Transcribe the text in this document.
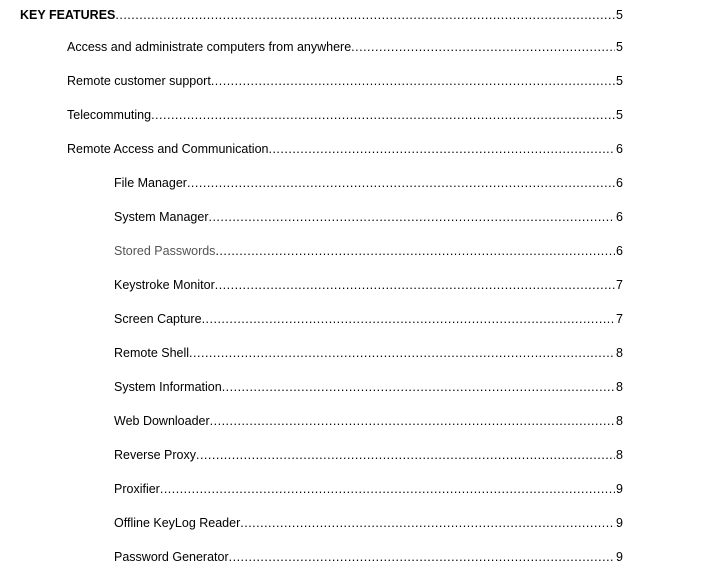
KEY FEATURES .....	5
Access and administrate computers from anywhere .....	5
Remote customer support .....	5
Telecommuting .....	5
Remote Access and Communication .....	6
File Manager .....	6
System Manager .....	6
Stored Passwords .....	6
Keystroke Monitor .....	7
Screen Capture .....	7
Remote Shell .....	8
System Information .....	8
Web Downloader .....	8
Reverse Proxy .....	8
Proxifier .....	9
Offline KeyLog Reader .....	9
Password Generator .....	9
